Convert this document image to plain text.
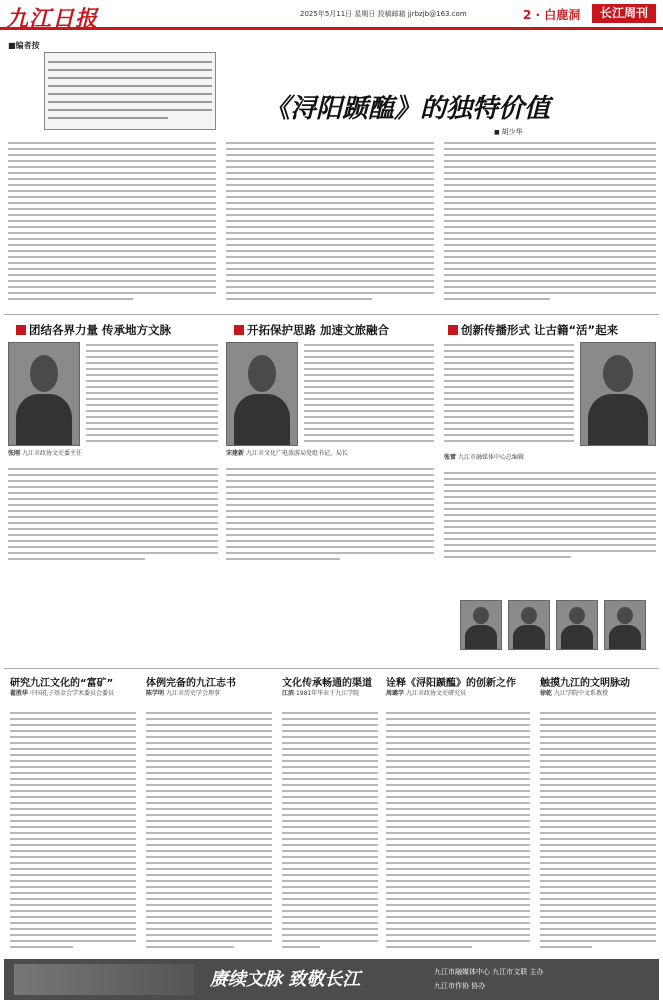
九江日报	2025年5月11日 星期日 投稿邮箱 jjrbzjb@163.com	2 · 白鹿洞	长江周刊
■编者按
《浔阳踬醢》的独特价值
■ 胡少华
团结各界力量 传承地方文脉	开拓保护思路 加速文旅融合	创新传播形式 让古籍“活”起来
张刚 九江市政协文史委主任	宋建新 九江市文化广电旅游局党组书记、局长
张雷 九江市融媒体中心总编辑
研究九江文化的“富矿”	体例完备的九江志书	文化传承畅通的渠道 诠释《浔阳踬醢》的创新之作 触摸九江的文明脉动
翟胜华 中国孔子基金会学术委员会委员	陈学明 九江市历史学会理事	江滨 1981年毕业于九江学院	周璐学 九江市政协文史研究员	徐乾 九江学院中文系教授
赓续文脉 致敬长江	九江市融媒体中心 九江市文联 主办
九江市作协 协办
